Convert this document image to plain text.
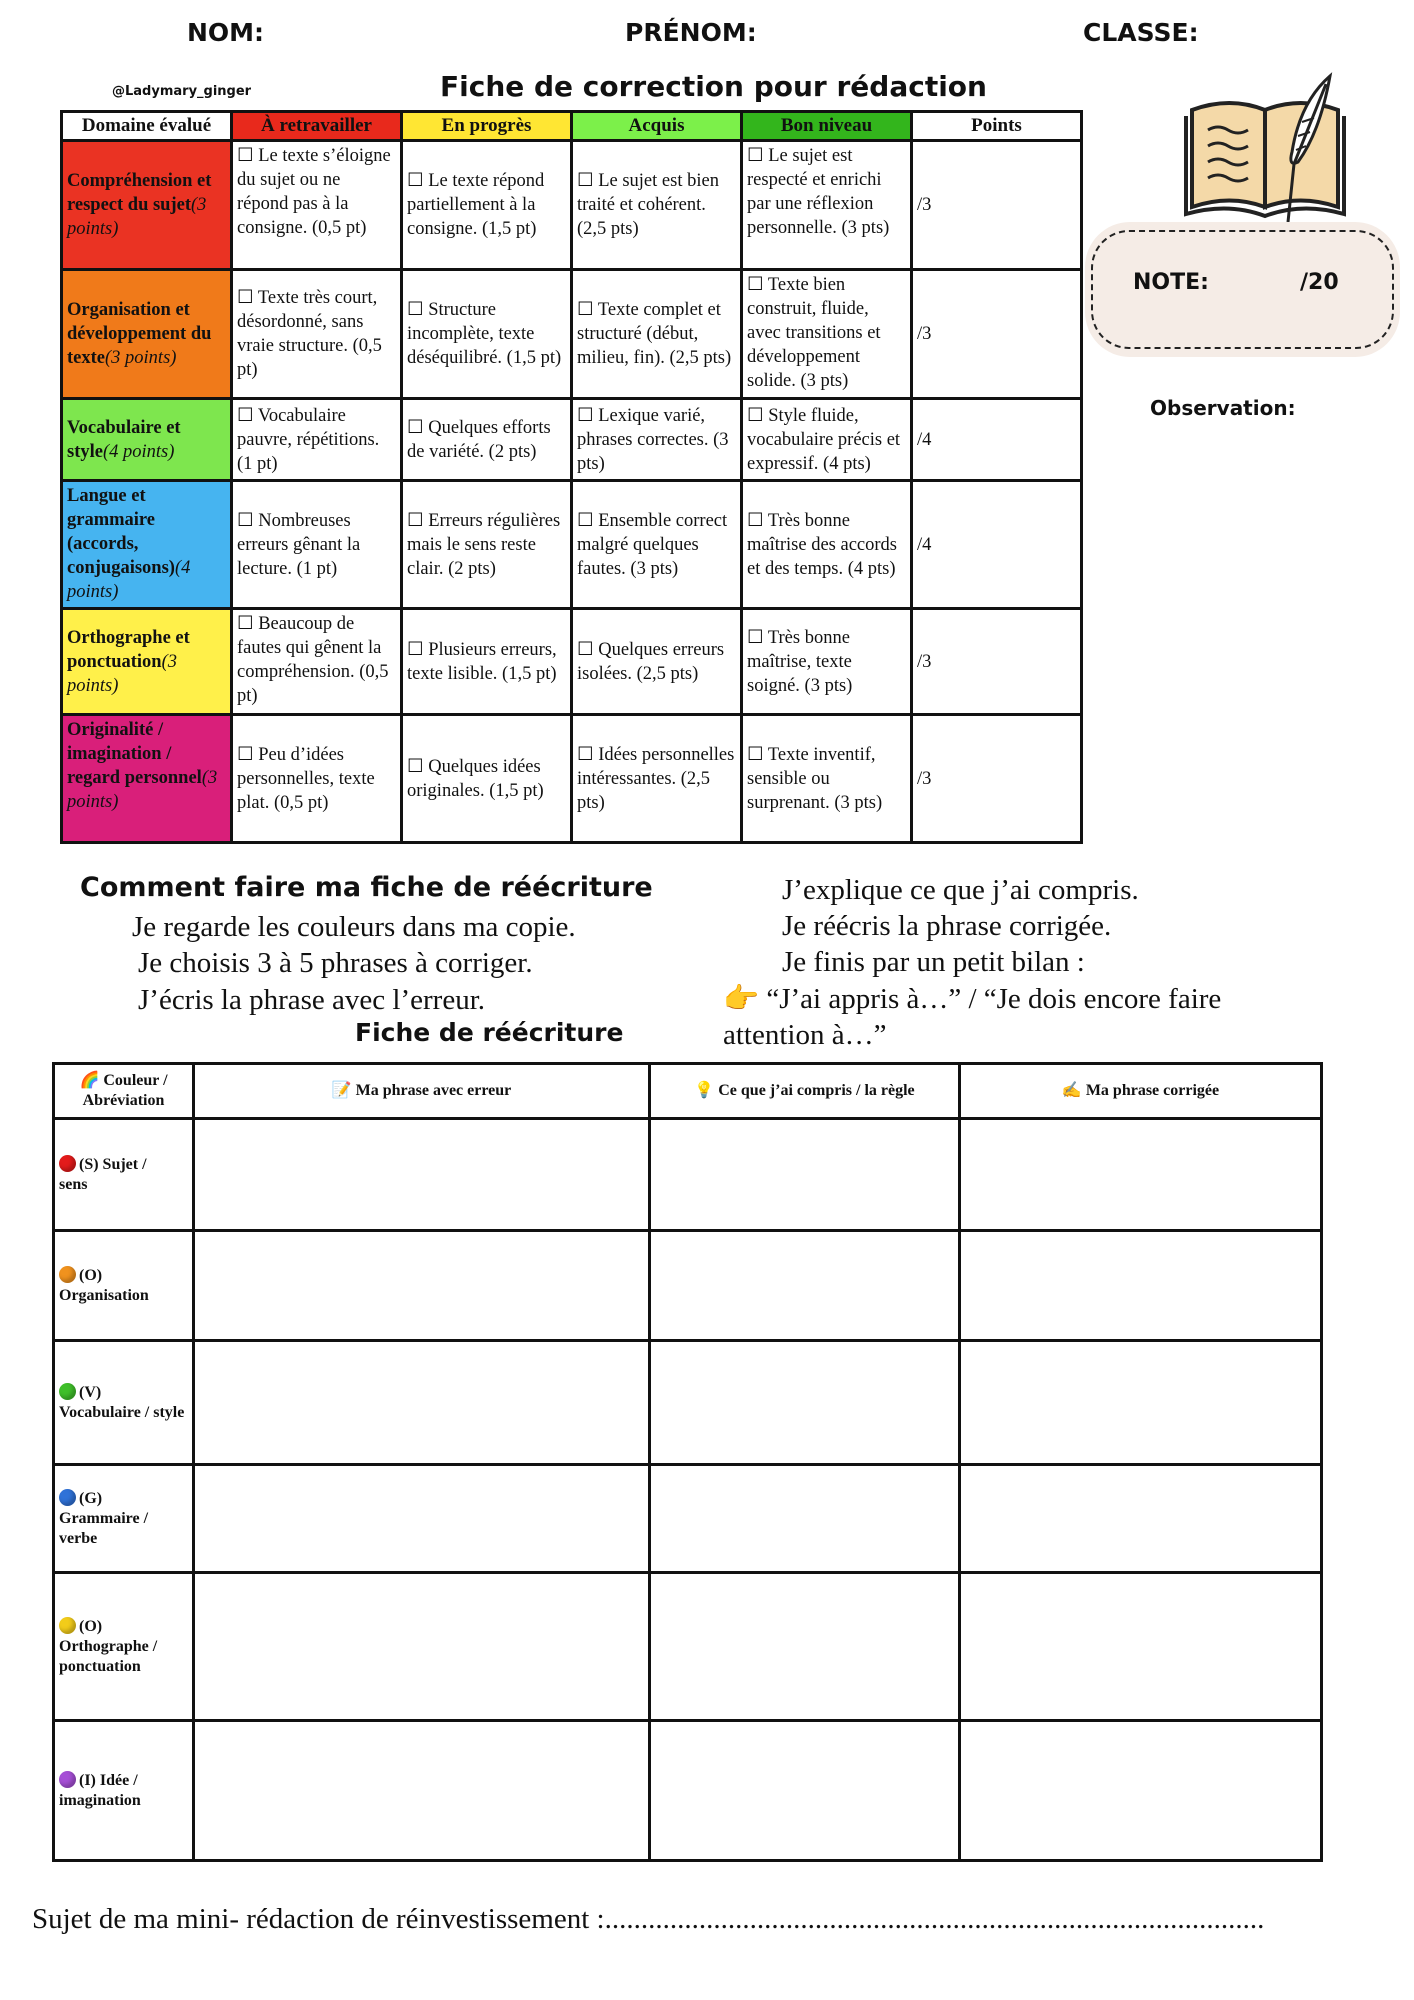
NOM:	PRÉNOM:	CLASSE:
@Ladymary_ginger	Fiche de correction pour rédaction
Domaine évalué	À retravailler	En progrès	Acquis	Bon niveau	Points
Compréhension et respect du sujet(3 points)	☐ Le texte s’éloigne du sujet ou ne répond pas à la consigne. (0,5 pt)	☐ Le texte répond partiellement à la consigne. (1,5 pt)	☐ Le sujet est bien traité et cohérent. (2,5 pts)	☐ Le sujet est respecté et enrichi par une réflexion personnelle. (3 pts)	/3
Organisation et développement du texte(3 points)	☐ Texte très court, désordonné, sans vraie structure. (0,5 pt)	☐ Structure incomplète, texte déséquilibré. (1,5 pt)	☐ Texte complet et structuré (début, milieu, fin). (2,5 pts)	☐ Texte bien construit, fluide, avec transitions et développement solide. (3 pts)	/3
Vocabulaire et style(4 points)	☐ Vocabulaire pauvre, répétitions. (1 pt)	☐ Quelques efforts de variété. (2 pts)	☐ Lexique varié, phrases correctes. (3 pts)	☐ Style fluide, vocabulaire précis et expressif. (4 pts)	/4
Langue et grammaire (accords, conjugaisons)(4 points)	☐ Nombreuses erreurs gênant la lecture. (1 pt)	☐ Erreurs régulières mais le sens reste clair. (2 pts)	☐ Ensemble correct malgré quelques fautes. (3 pts)	☐ Très bonne maîtrise des accords et des temps. (4 pts)	/4
Orthographe et ponctuation(3 points)	☐ Beaucoup de fautes qui gênent la compréhension. (0,5 pt)	☐ Plusieurs erreurs, texte lisible. (1,5 pt)	☐ Quelques erreurs isolées. (2,5 pts)	☐ Très bonne maîtrise, texte soigné. (3 pts)	/3
Originalité / imagination / regard personnel(3 points)	☐ Peu d’idées personnelles, texte plat. (0,5 pt)	☐ Quelques idées originales. (1,5 pt)	☐ Idées personnelles intéressantes. (2,5 pts)	☐ Texte inventif, sensible ou surprenant. (3 pts)	/3
NOTE:	/20
Observation:
Comment faire ma fiche de réécriture
Je regarde les couleurs dans ma copie.
Je choisis 3 à 5 phrases à corriger.
J’écris la phrase avec l’erreur.
J’explique ce que j’ai compris.
Je réécris la phrase corrigée.
Je finis par un petit bilan :
👉 “J’ai appris à…” / “Je dois encore faire
attention à…”
Fiche de réécriture
🌈 Couleur / Abréviation	📝 Ma phrase avec erreur	💡 Ce que j’ai compris / la règle	✍️ Ma phrase corrigée
(S) Sujet /
sens			
(O)
Organisation			
(V)
Vocabulaire / style			
(G)
Grammaire / verbe			
(O)
Orthographe / ponctuation			
(I) Idée /
imagination			
Sujet de ma mini- rédaction de réinvestissement :...........................................................................................
